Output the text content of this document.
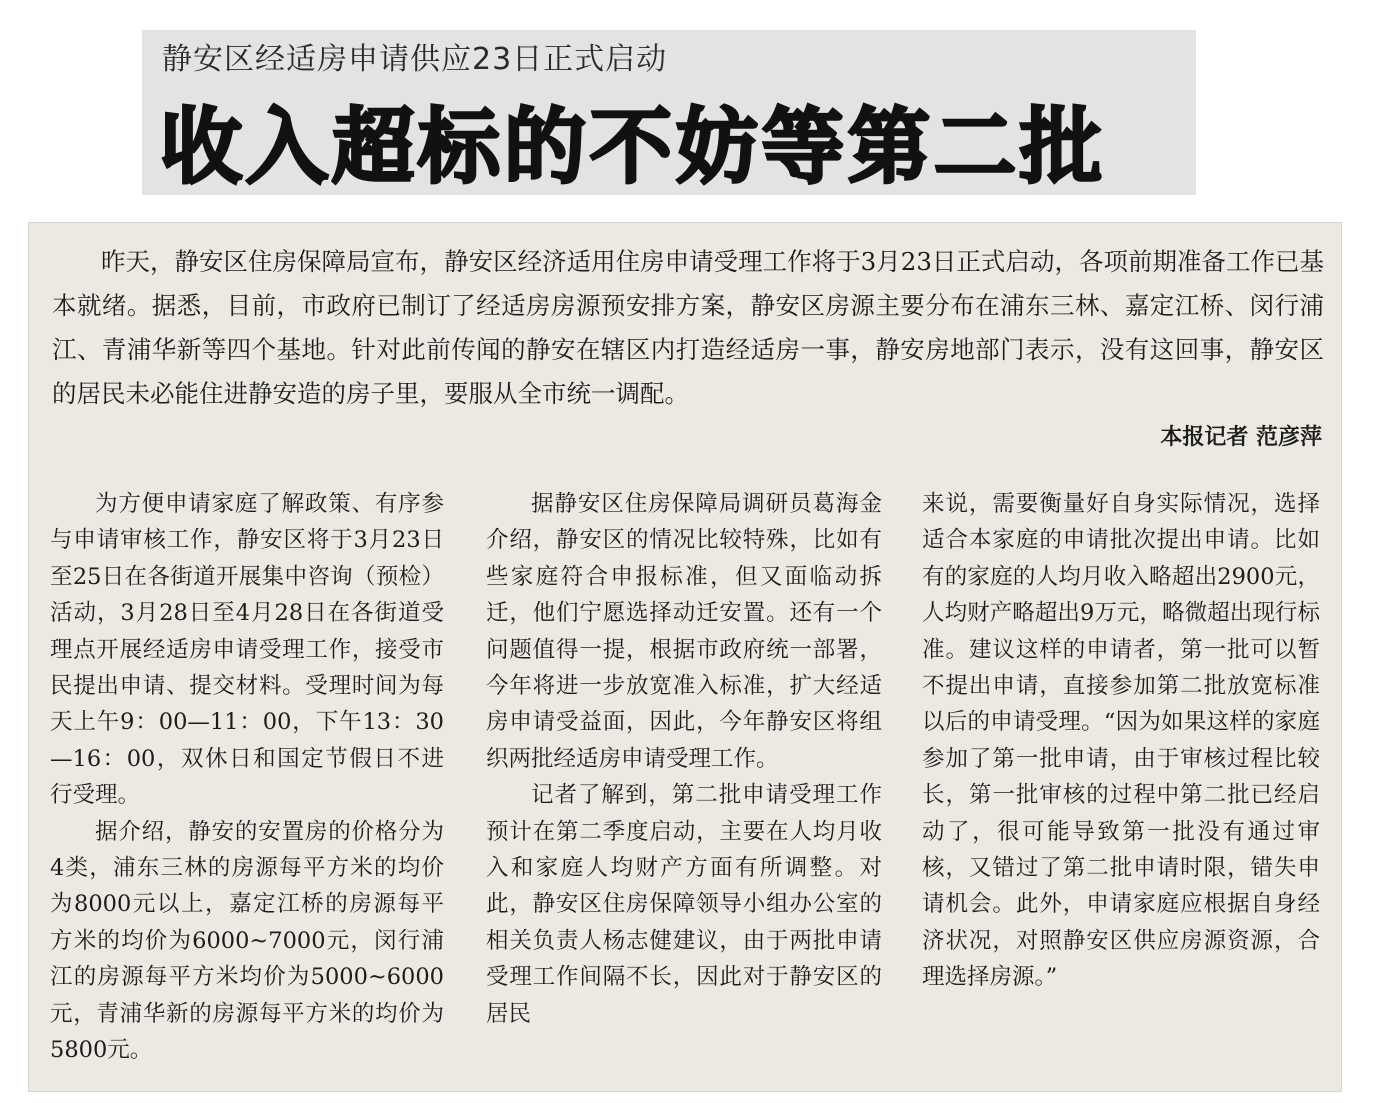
静安区经适房申请供应23日正式启动
收入超标的不妨等第二批
昨天，静安区住房保障局宣布，静安区经济适用住房申请受理工作将于3月23日正式启动，各项前期准备工作已基本就绪。据悉，目前，市政府已制订了经适房房源预安排方案，静安区房源主要分布在浦东三林、嘉定江桥、闵行浦江、青浦华新等四个基地。针对此前传闻的静安在辖区内打造经适房一事，静安房地部门表示，没有这回事，静安区的居民未必能住进静安造的房子里，要服从全市统一调配。
本报记者 范彦萍

为方便申请家庭了解政策、有序参与申请审核工作，静安区将于3月23日至25日在各街道开展集中咨询（预检）活动，3月28日至4月28日在各街道受理点开展经适房申请受理工作，接受市民提出申请、提交材料。受理时间为每天上午9：00—11：00，下午13：30—16：00，双休日和国定节假日不进行受理。

据介绍，静安的安置房的价格分为4类，浦东三林的房源每平方米的均价为8000元以上，嘉定江桥的房源每平方米的均价为6000~7000元，闵行浦江的房源每平方米均价为5000~6000元，青浦华新的房源每平方米的均价为5800元。

据静安区住房保障局调研员葛海金介绍，静安区的情况比较特殊，比如有些家庭符合申报标准，但又面临动拆迁，他们宁愿选择动迁安置。还有一个问题值得一提，根据市政府统一部署，今年将进一步放宽准入标准，扩大经适房申请受益面，因此，今年静安区将组织两批经适房申请受理工作。

记者了解到，第二批申请受理工作预计在第二季度启动，主要在人均月收入和家庭人均财产方面有所调整。对此，静安区住房保障领导小组办公室的相关负责人杨志健建议，由于两批申请受理工作间隔不长，因此对于静安区的居民

来说，需要衡量好自身实际情况，选择适合本家庭的申请批次提出申请。比如有的家庭的人均月收入略超出2900元，人均财产略超出9万元，略微超出现行标准。建议这样的申请者，第一批可以暂不提出申请，直接参加第二批放宽标准以后的申请受理。“因为如果这样的家庭参加了第一批申请，由于审核过程比较长，第一批审核的过程中第二批已经启动了，很可能导致第一批没有通过审核，又错过了第二批申请时限，错失申请机会。此外，申请家庭应根据自身经济状况，对照静安区供应房源资源，合理选择房源。”
